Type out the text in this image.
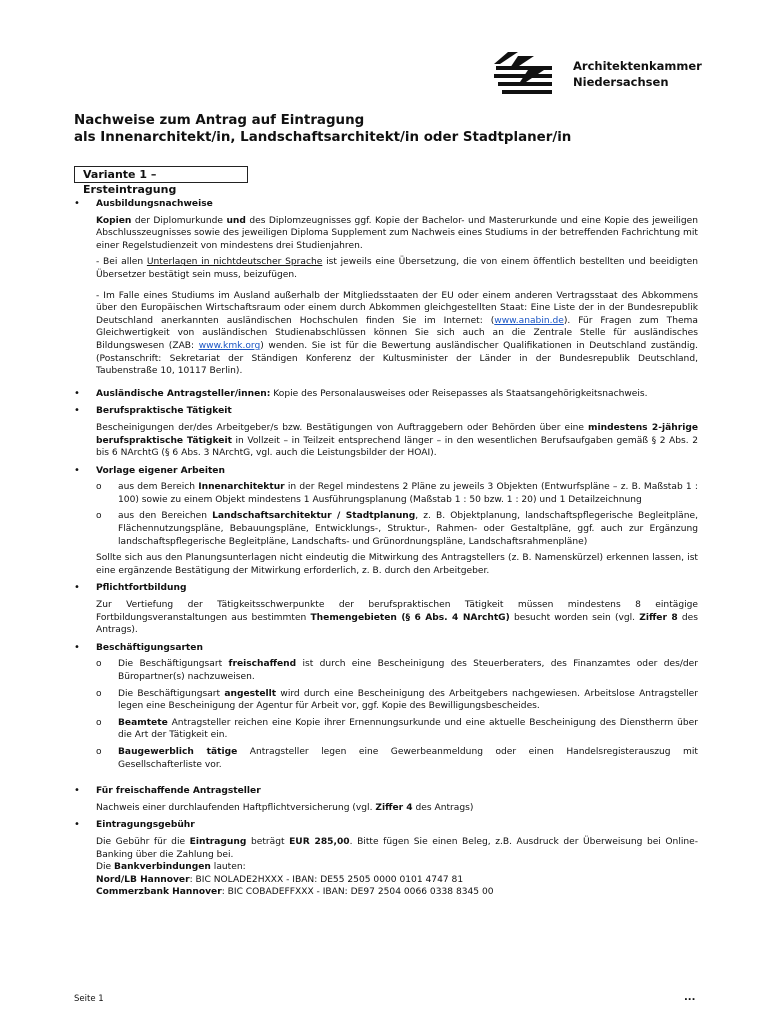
Architektenkammer
Niedersachsen
Nachweise zum Antrag auf Eintragung
als Innenarchitekt/in, Landschaftsarchitekt/in oder Stadtplaner/in
Variante 1 – Ersteintragung
• Ausbildungsnachweise

Kopien der Diplomurkunde und des Diplomzeugnisses ggf. Kopie der Bachelor- und Masterurkunde und eine Kopie des jeweiligen Abschlusszeugnisses sowie des jeweiligen Diploma Supplement zum Nachweis eines Studiums in der betreffenden Fachrichtung mit einer Regelstudienzeit von mindestens drei Studienjahren.

- Bei allen Unterlagen in nichtdeutscher Sprache ist jeweils eine Übersetzung, die von einem öffentlich bestellten und beeidigten Übersetzer bestätigt sein muss, beizufügen.

- Im Falle eines Studiums im Ausland außerhalb der Mitgliedsstaaten der EU oder einem anderen Vertragsstaat des Abkommens über den Europäischen Wirtschaftsraum oder einem durch Abkommen gleichgestellten Staat: Eine Liste der in der Bundesrepublik Deutschland anerkannten ausländischen Hochschulen finden Sie im Internet: (www.anabin.de). Für Fragen zum Thema Gleichwertigkeit von ausländischen Studienabschlüssen können Sie sich auch an die Zentrale Stelle für ausländisches Bildungswesen (ZAB: www.kmk.org) wenden. Sie ist für die Bewertung ausländischer Qualifikationen in Deutschland zuständig. (Postanschrift: Sekretariat der Ständigen Konferenz der Kultusminister der Länder in der Bundesrepublik Deutschland, Taubenstraße 10, 10117 Berlin).

• Ausländische Antragsteller/innen: Kopie des Personalausweises oder Reisepasses als Staatsangehörigkeitsnachweis.

• Berufspraktische Tätigkeit

Bescheinigungen der/des Arbeitgeber/s bzw. Bestätigungen von Auftraggebern oder Behörden über eine mindestens 2-jährige berufspraktische Tätigkeit in Vollzeit – in Teilzeit entsprechend länger – in den wesentlichen Berufsaufgaben gemäß § 2 Abs. 2 bis 6 NArchtG (§ 6 Abs. 3 NArchtG, vgl. auch die Leistungsbilder der HOAI).

• Vorlage eigener Arbeiten
o aus dem Bereich Innenarchitektur in der Regel mindestens 2 Pläne zu jeweils 3 Objekten (Entwurfspläne – z. B. Maßstab 1 : 100) sowie zu einem Objekt mindestens 1 Ausführungsplanung (Maßstab 1 : 50 bzw. 1 : 20) und 1 Detailzeichnung
o aus den Bereichen Landschaftsarchitektur / Stadtplanung, z. B. Objektplanung, landschaftspflegerische Begleitpläne, Flächennutzungspläne, Bebauungspläne, Entwicklungs-, Struktur-, Rahmen- oder Gestaltpläne, ggf. auch zur Ergänzung landschaftspflegerische Begleitpläne, Landschafts- und Grünordnungspläne, Landschaftsrahmenpläne)

Sollte sich aus den Planungsunterlagen nicht eindeutig die Mitwirkung des Antragstellers (z. B. Namenskürzel) erkennen lassen, ist eine ergänzende Bestätigung der Mitwirkung erforderlich, z. B. durch den Arbeitgeber.

• Pflichtfortbildung

Zur Vertiefung der Tätigkeitsschwerpunkte der berufspraktischen Tätigkeit müssen mindestens 8 eintägige Fortbildungsveranstaltungen aus bestimmten Themengebieten (§ 6 Abs. 4 NArchtG) besucht worden sein (vgl. Ziffer 8 des Antrags).

• Beschäftigungsarten
o Die Beschäftigungsart freischaffend ist durch eine Bescheinigung des Steuerberaters, des Finanzamtes oder des/der Büropartner(s) nachzuweisen.
o Die Beschäftigungsart angestellt wird durch eine Bescheinigung des Arbeitgebers nachgewiesen. Arbeitslose Antragsteller legen eine Bescheinigung der Agentur für Arbeit vor, ggf. Kopie des Bewilligungsbescheides.
o Beamtete Antragsteller reichen eine Kopie ihrer Ernennungsurkunde und eine aktuelle Bescheinigung des Dienstherrn über die Art der Tätigkeit ein.
o Baugewerblich tätige Antragsteller legen eine Gewerbeanmeldung oder einen Handelsregisterauszug mit Gesellschafterliste vor.
• Für freischaffende Antragsteller

Nachweis einer durchlaufenden Haftpflichtversicherung (vgl. Ziffer 4 des Antrags)

• Eintragungsgebühr

Die Gebühr für die Eintragung beträgt EUR 285,00. Bitte fügen Sie einen Beleg, z.B. Ausdruck der Überweisung bei Online-Banking über die Zahlung bei.

Die Bankverbindungen lauten:
Nord/LB Hannover: BIC NOLADE2HXXX - IBAN: DE55 2505 0000 0101 4747 81
Commerzbank Hannover: BIC COBADEFFXXX - IBAN: DE97 2504 0066 0338 8345 00
Seite 1	...
